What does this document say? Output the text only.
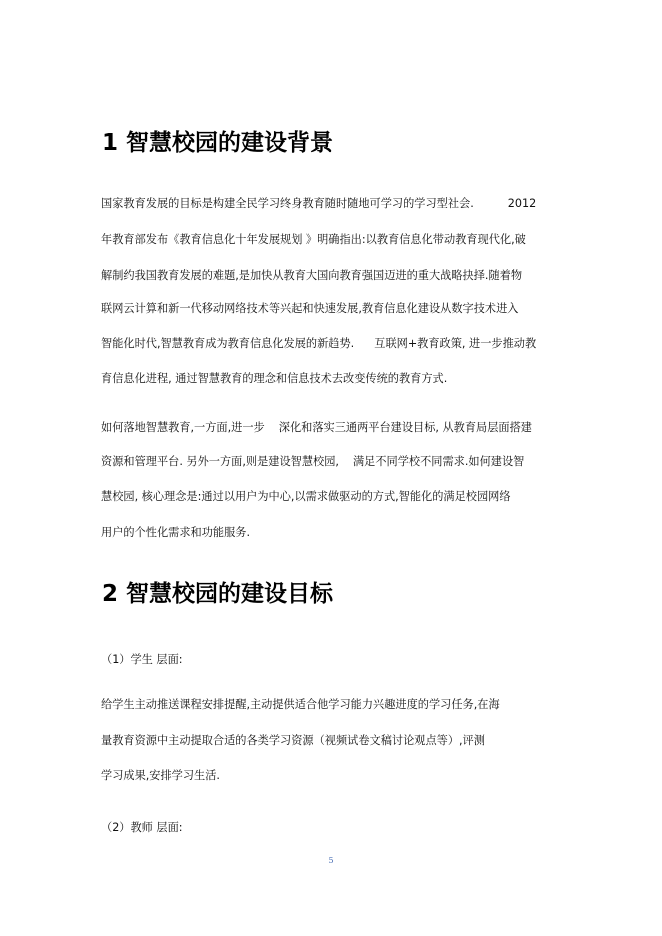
1 智慧校园的建设背景

国家教育发展的目标是构建全民学习终身教育随时随地可学习的学习型社会.	2012

年教育部发布《教育信息化十年发展规划 》明确指出:以教育信息化带动教育现代化,破

解制约我国教育发展的难题,是加快从教育大国向教育强国迈进的重大战略抉择.随着物

联网云计算和新一代移动网络技术等兴起和快速发展,教育信息化建设从数字技术进入

智能化时代,智慧教育成为教育信息化发展的新趋势. 互联网+教育政策, 进一步推动教

育信息化进程, 通过智慧教育的理念和信息技术去改变传统的教育方式.

如何落地智慧教育,一方面,进一步 深化和落实三通两平台建设目标, 从教育局层面搭建

资源和管理平台. 另外一方面,则是建设智慧校园, 满足不同学校不同需求.如何建设智

慧校园, 核心理念是:通过以用户为中心,以需求做驱动的方式,智能化的满足校园网络

用户的个性化需求和功能服务.

2 智慧校园的建设目标

（1）学生 层面:

给学生主动推送课程安排提醒,主动提供适合他学习能力兴趣进度的学习任务,在海

量教育资源中主动提取合适的各类学习资源（视频试卷文稿讨论观点等）,评测

学习成果,安排学习生活.

（2）教师 层面:

5
